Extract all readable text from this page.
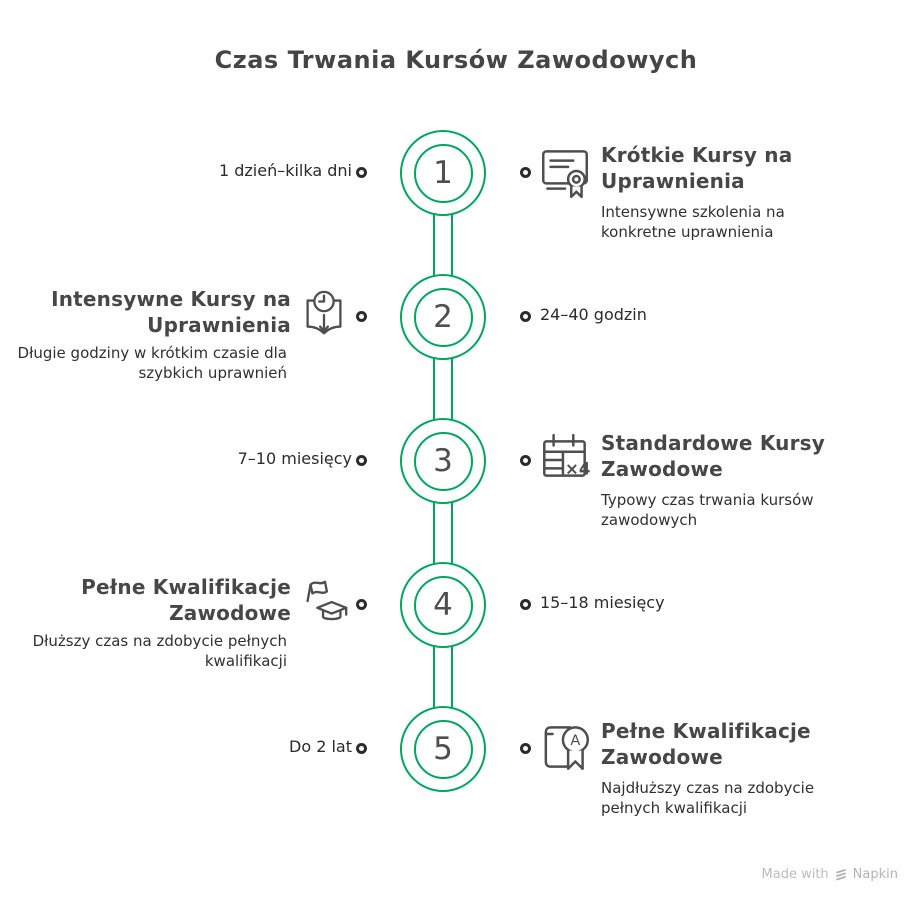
Czas Trwania Kursów Zawodowych
1
1 dzień–kilka dni
Krótkie Kursy na Uprawnienia
Intensywne szkolenia na konkretne uprawnienia
2
Intensywne Kursy na Uprawnienia
Długie godziny w krótkim czasie dla szybkich uprawnień
24–40 godzin
3
7–10 miesięcy
×4
Standardowe Kursy Zawodowe
Typowy czas trwania kursów zawodowych
4
Pełne Kwalifikacje Zawodowe
Dłuższy czas na zdobycie pełnych kwalifikacji
15–18 miesięcy
5
Do 2 lat	A Pełne Kwalifikacje Zawodowe
Najdłuższy czas na zdobycie pełnych kwalifikacji
Made with Napkin
